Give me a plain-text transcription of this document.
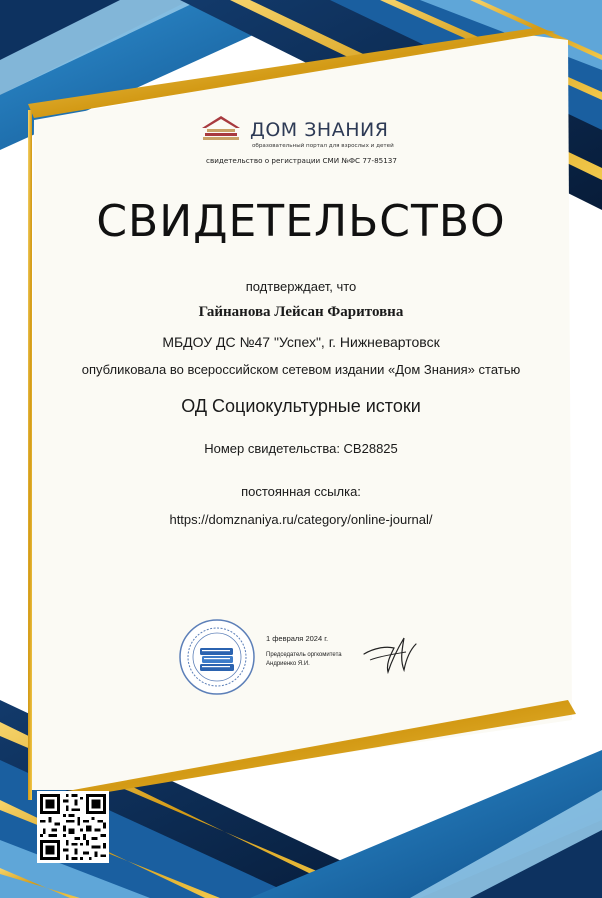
ДОМ ЗНАНИЯ
образовательный портал для взрослых и детей
свидетельство о регистрации СМИ №ФС 77-85137
СВИДЕТЕЛЬСТВО
подтверждает, что
Гайнанова Лейсан Фаритовна
МБДОУ ДС №47 "Успех", г. Нижневартовск
опубликовала во всероссийском сетевом издании «Дом Знания» статью
ОД Социокультурные истоки
Номер свидетельства: СВ28825
постоянная ссылка:
https://domznaniya.ru/category/online-journal/
1 февраля 2024 г.
Председатель оргкомитета
Андриенко Я.И.
